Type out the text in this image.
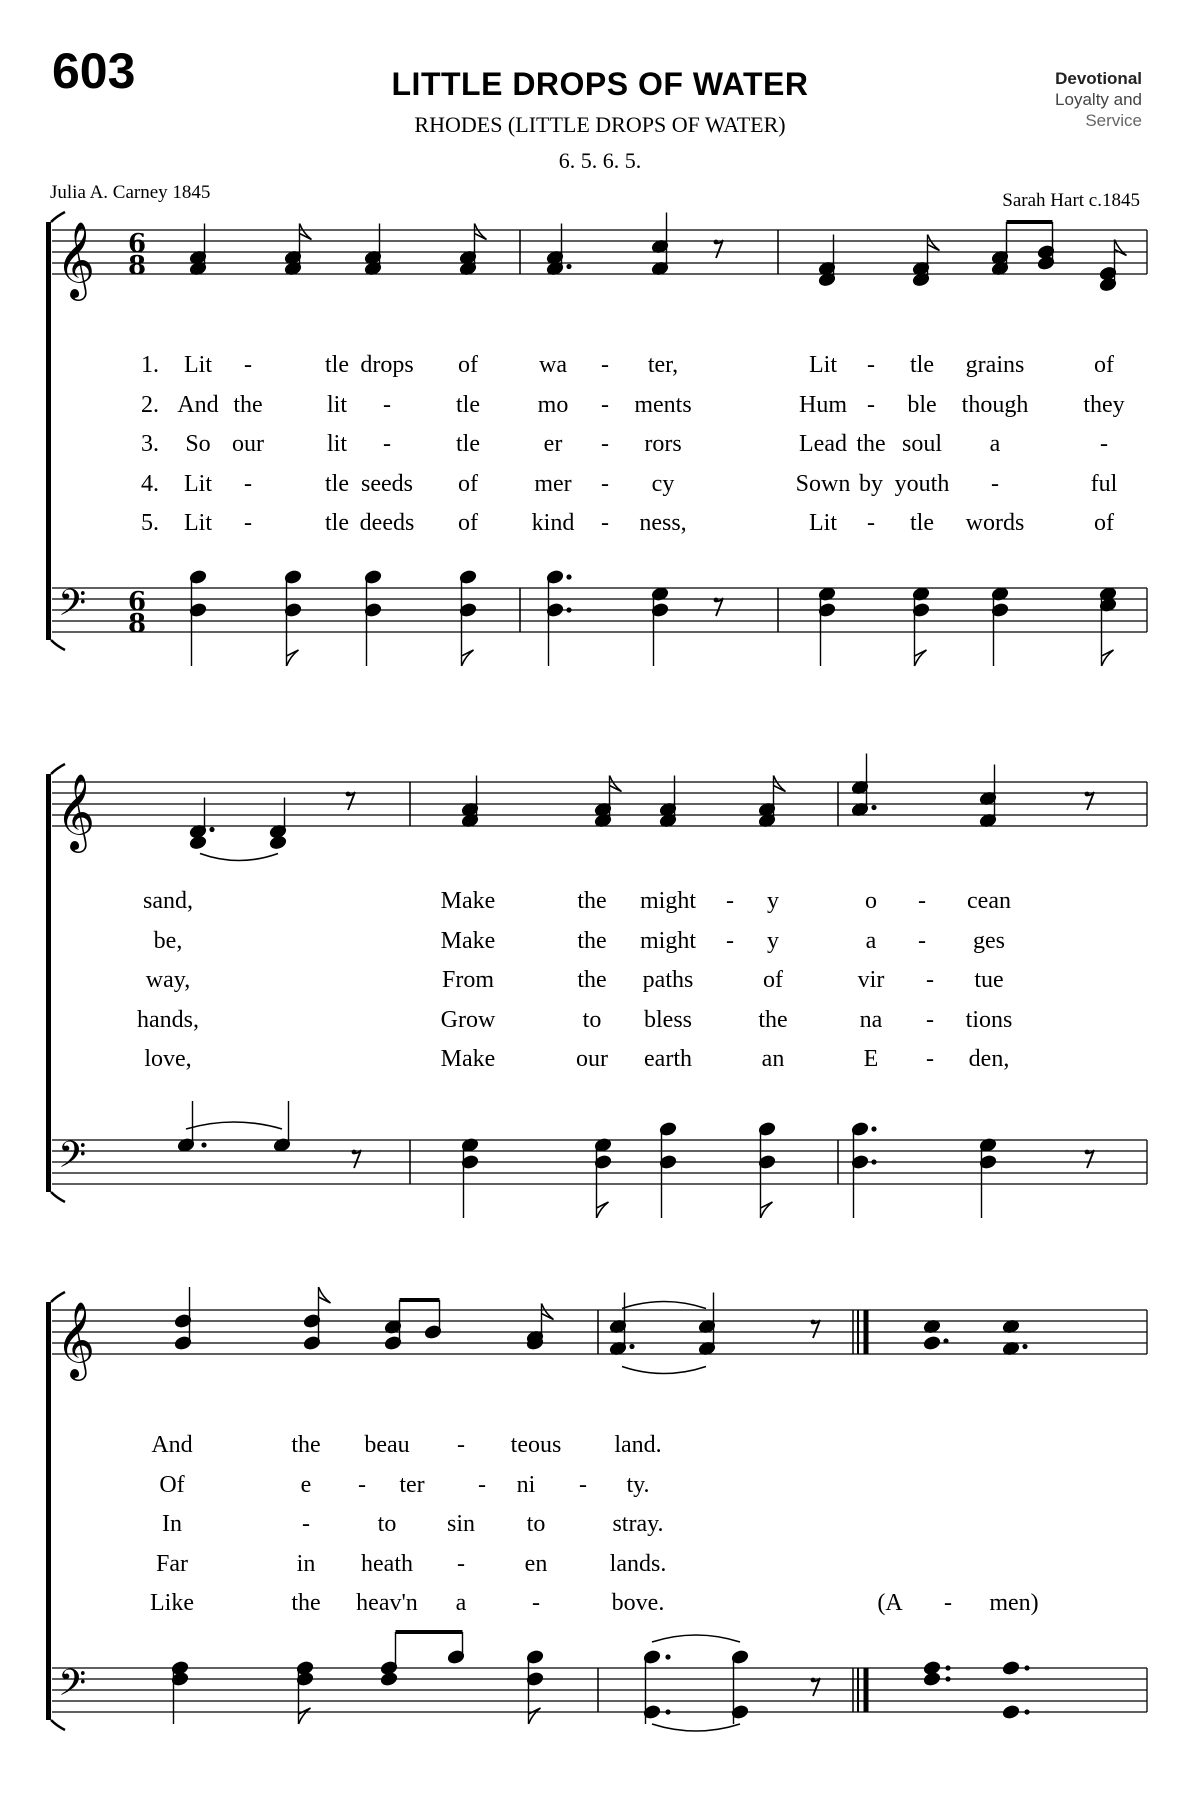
603	LITTLE DROPS OF WATER
RHODES (LITTLE DROPS OF WATER)
6. 5. 6. 5.
Devotional
Loyalty and
Service
Julia A. Carney 1845	Sarah Hart c.1845
𝄞
𝄢
6
8
6
8
𝄞
𝄢
𝄞
𝄢
1. Lit -	tle drops of	wa - ter,	Lit - tle grains	of
sand,	Make	the might - y	o - cean
And	the beau - teous land.
2. And the	lit -	tle mo - ments	Hum - ble though they
be,	Make	the might - y	a - ges
Of	e - ter - ni - ty.
3. So our	lit -	tle	er - rors	Lead the soul a	-
way,	From	the paths	of	vir - tue
In	-	to sin to	stray.
4. Lit -	tle seeds of mer - cy	Sown by youth -	ful
hands,	Grow	to bless	the	na - tions
Far	in heath - en	lands.
5. Lit -	tle deeds of kind - ness,	Lit - tle words	of
love,	Make	our earth	an	E - den,
Like	the heav'n a	-	bove.	(A - men)
